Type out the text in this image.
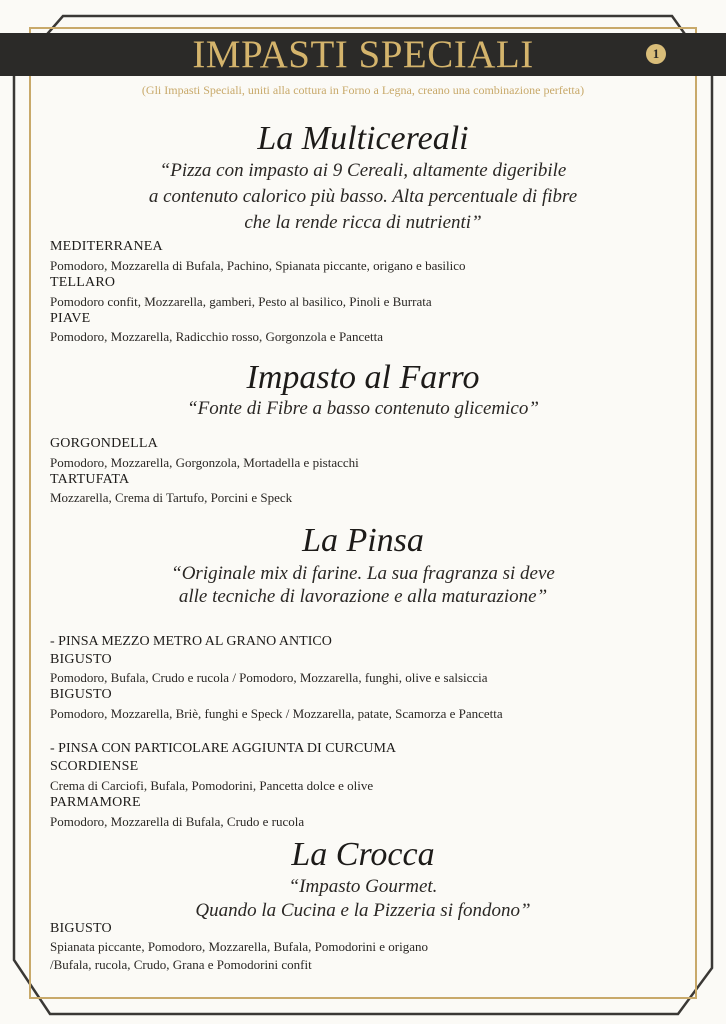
IMPASTI SPECIALI	1
(Gli Impasti Speciali, uniti alla cottura in Forno a Legna, creano una combinazione perfetta)
La Multicereali
“Pizza con impasto ai 9 Cereali, altamente digeribile
a contenuto calorico più basso. Alta percentuale di fibre
che la rende ricca di nutrienti”
MEDITERRANEA
Pomodoro, Mozzarella di Bufala, Pachino, Spianata piccante, origano e basilico
TELLARO
Pomodoro confit, Mozzarella, gamberi, Pesto al basilico, Pinoli e Burrata
PIAVE
Pomodoro, Mozzarella, Radicchio rosso, Gorgonzola e Pancetta
Impasto al Farro
“Fonte di Fibre a basso contenuto glicemico”
GORGONDELLA
Pomodoro, Mozzarella, Gorgonzola, Mortadella e pistacchi
TARTUFATA
Mozzarella, Crema di Tartufo, Porcini e Speck
La Pinsa
“Originale mix di farine. La sua fragranza si deve
alle tecniche di lavorazione e alla maturazione”
- PINSA MEZZO METRO AL GRANO ANTICO
BIGUSTO
Pomodoro, Bufala, Crudo e rucola / Pomodoro, Mozzarella, funghi, olive e salsiccia
BIGUSTO
Pomodoro, Mozzarella, Briè, funghi e Speck / Mozzarella, patate, Scamorza e Pancetta
- PINSA CON PARTICOLARE AGGIUNTA DI CURCUMA
SCORDIENSE
Crema di Carciofi, Bufala, Pomodorini, Pancetta dolce e olive
PARMAMORE
Pomodoro, Mozzarella di Bufala, Crudo e rucola
La Crocca
“Impasto Gourmet.
Quando la Cucina e la Pizzeria si fondono”
BIGUSTO
Spianata piccante, Pomodoro, Mozzarella, Bufala, Pomodorini e origano
/Bufala, rucola, Crudo, Grana e Pomodorini confit
